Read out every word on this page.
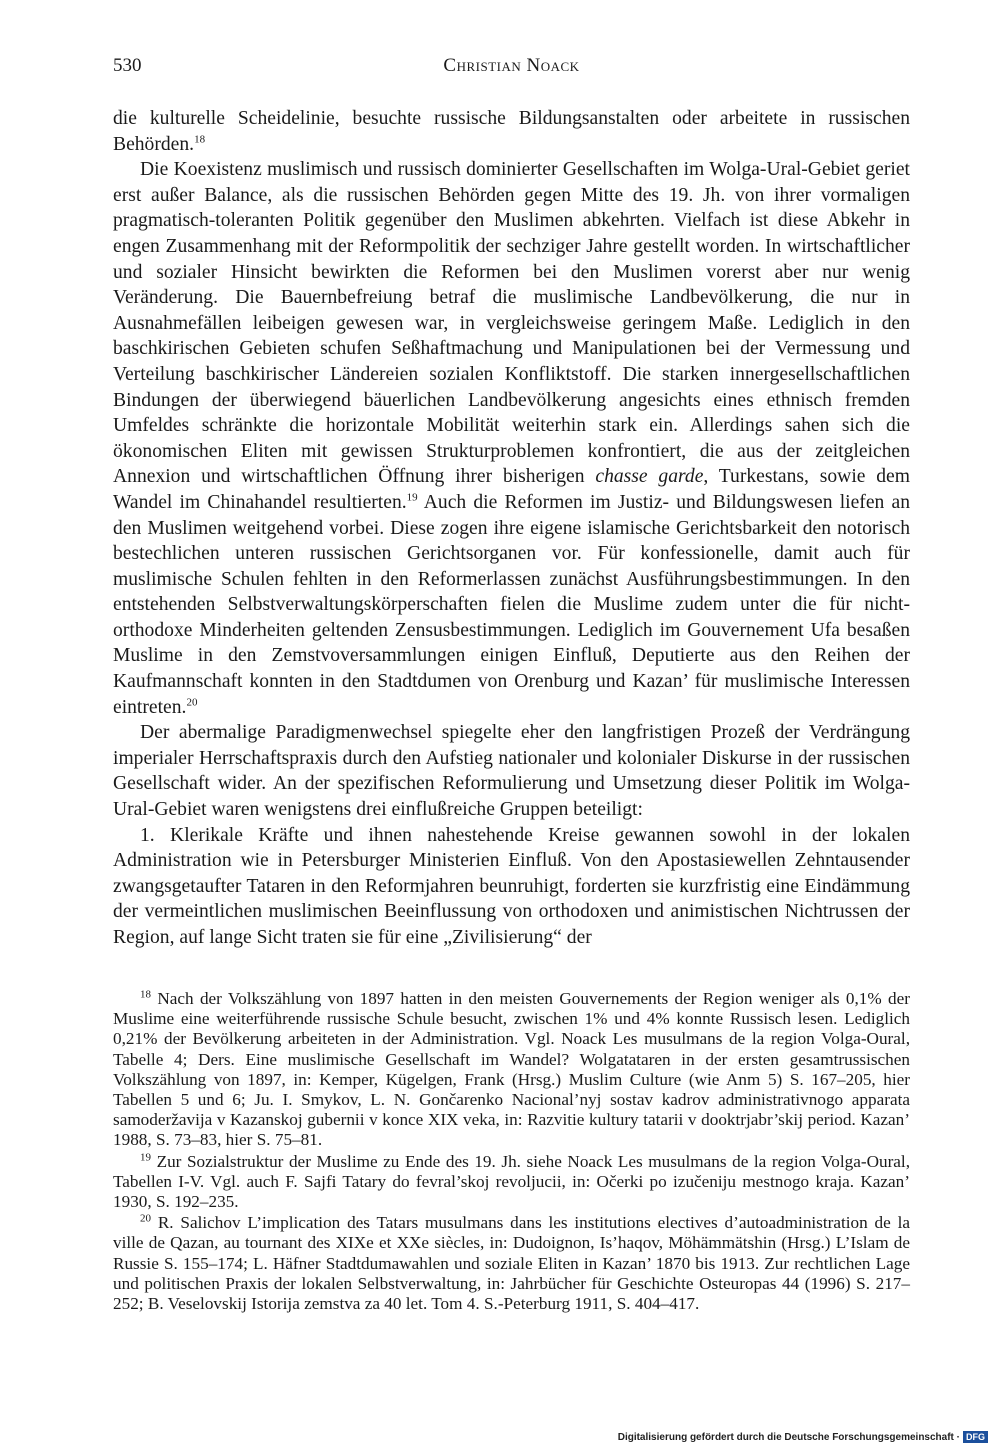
530	Christian Noack

die kulturelle Scheidelinie, besuchte russische Bildungsanstalten oder arbeitete in russischen Behörden.$^{18}$

Die Koexistenz muslimisch und russisch dominierter Gesellschaften im Wolga-Ural-Gebiet geriet erst außer Balance, als die russischen Behörden gegen Mitte des 19. Jh. von ihrer vormaligen pragmatisch-toleranten Politik gegenüber den Muslimen abkehrten. Vielfach ist diese Abkehr in engen Zusammenhang mit der Reformpolitik der sechziger Jahre gestellt worden. In wirtschaftlicher und sozialer Hinsicht bewirkten die Reformen bei den Muslimen vorerst aber nur wenig Veränderung. Die Bauernbefreiung betraf die muslimische Landbevölkerung, die nur in Ausnahmefällen leibeigen gewesen war, in vergleichsweise geringem Maße. Lediglich in den baschkirischen Gebieten schufen Seßhaftmachung und Manipulationen bei der Vermessung und Verteilung baschkirischer Ländereien sozialen Konfliktstoff. Die starken innergesellschaftlichen Bindungen der überwiegend bäuerlichen Landbevölkerung angesichts eines ethnisch fremden Umfeldes schränkte die horizontale Mobilität weiterhin stark ein. Allerdings sahen sich die ökonomischen Eliten mit gewissen Strukturproblemen konfrontiert, die aus der zeitgleichen Annexion und wirtschaftlichen Öffnung ihrer bisherigen chasse garde, Turkestans, sowie dem Wandel im Chinahandel resultierten.$^{19}$ Auch die Reformen im Justiz- und Bildungswesen liefen an den Muslimen weitgehend vorbei. Diese zogen ihre eigene islamische Gerichtsbarkeit den notorisch bestechlichen unteren russischen Gerichtsorganen vor. Für konfessionelle, damit auch für muslimische Schulen fehlten in den Reformerlassen zunächst Ausführungsbestimmungen. In den entstehenden Selbstverwaltungskörperschaften fielen die Muslime zudem unter die für nicht-orthodoxe Minderheiten geltenden Zensusbestimmungen. Lediglich im Gouvernement Ufa besaßen Muslime in den Zemstvoversammlungen einigen Einfluß, Deputierte aus den Reihen der Kaufmannschaft konnten in den Stadtdumen von Orenburg und Kazan’ für muslimische Interessen eintreten.$^{20}$

Der abermalige Paradigmenwechsel spiegelte eher den langfristigen Prozeß der Verdrängung imperialer Herrschaftspraxis durch den Aufstieg nationaler und kolonialer Diskurse in der russischen Gesellschaft wider. An der spezifischen Reformulierung und Umsetzung dieser Politik im Wolga-Ural-Gebiet waren wenigstens drei einflußreiche Gruppen beteiligt:

1. Klerikale Kräfte und ihnen nahestehende Kreise gewannen sowohl in der lokalen Administration wie in Petersburger Ministerien Einfluß. Von den Apostasiewellen Zehntausender zwangsgetaufter Tataren in den Reformjahren beunruhigt, forderten sie kurzfristig eine Eindämmung der vermeintlichen muslimischen Beeinflussung von orthodoxen und animistischen Nichtrussen der Region, auf lange Sicht traten sie für eine „Zivilisierung“ der

$^{18}$ Nach der Volkszählung von 1897 hatten in den meisten Gouvernements der Region weniger als 0,1% der Muslime eine weiterführende russische Schule besucht, zwischen 1% und 4% konnte Russisch lesen. Lediglich 0,21% der Bevölkerung arbeiteten in der Administration. Vgl. Noack Les musulmans de la region Volga-Oural, Tabelle 4; Ders. Eine muslimische Gesellschaft im Wandel? Wolgatataren in der ersten gesamtrussischen Volkszählung von 1897, in: Kemper, Kügelgen, Frank (Hrsg.) Muslim Culture (wie Anm 5) S. 167–205, hier Tabellen 5 und 6; Ju. I. Smykov, L. N. Gončarenko Nacional’nyj sostav kadrov administrativnogo apparata samoderžavija v Kazanskoj gubernii v konce XIX veka, in: Razvitie kultury tatarii v dooktrjabr’skij period. Kazan’ 1988, S. 73–83, hier S. 75–81.

$^{19}$ Zur Sozialstruktur der Muslime zu Ende des 19. Jh. siehe Noack Les musulmans de la region Volga-Oural, Tabellen I-V. Vgl. auch F. Sajfi Tatary do fevral’skoj revoljucii, in: Očerki po izučeniju mestnogo kraja. Kazan’ 1930, S. 192–235.

$^{20}$ R. Salichov L’implication des Tatars musulmans dans les institutions electives d’autoadministration de la ville de Qazan, au tournant des XIXe et XXe siècles, in: Dudoignon, Is’haqov, Möhämmätshin (Hrsg.) L’Islam de Russie S. 155–174; L. Häfner Stadtdumawahlen und soziale Eliten in Kazan’ 1870 bis 1913. Zur rechtlichen Lage und politischen Praxis der lokalen Selbstverwaltung, in: Jahrbücher für Geschichte Osteuropas 44 (1996) S. 217–252; B. Veselovskij Istorija zemstva za 40 let. Tom 4. S.-Peterburg 1911, S. 404–417.

Digitalisierung gefördert durch die Deutsche Forschungsgemeinschaft · DFG
